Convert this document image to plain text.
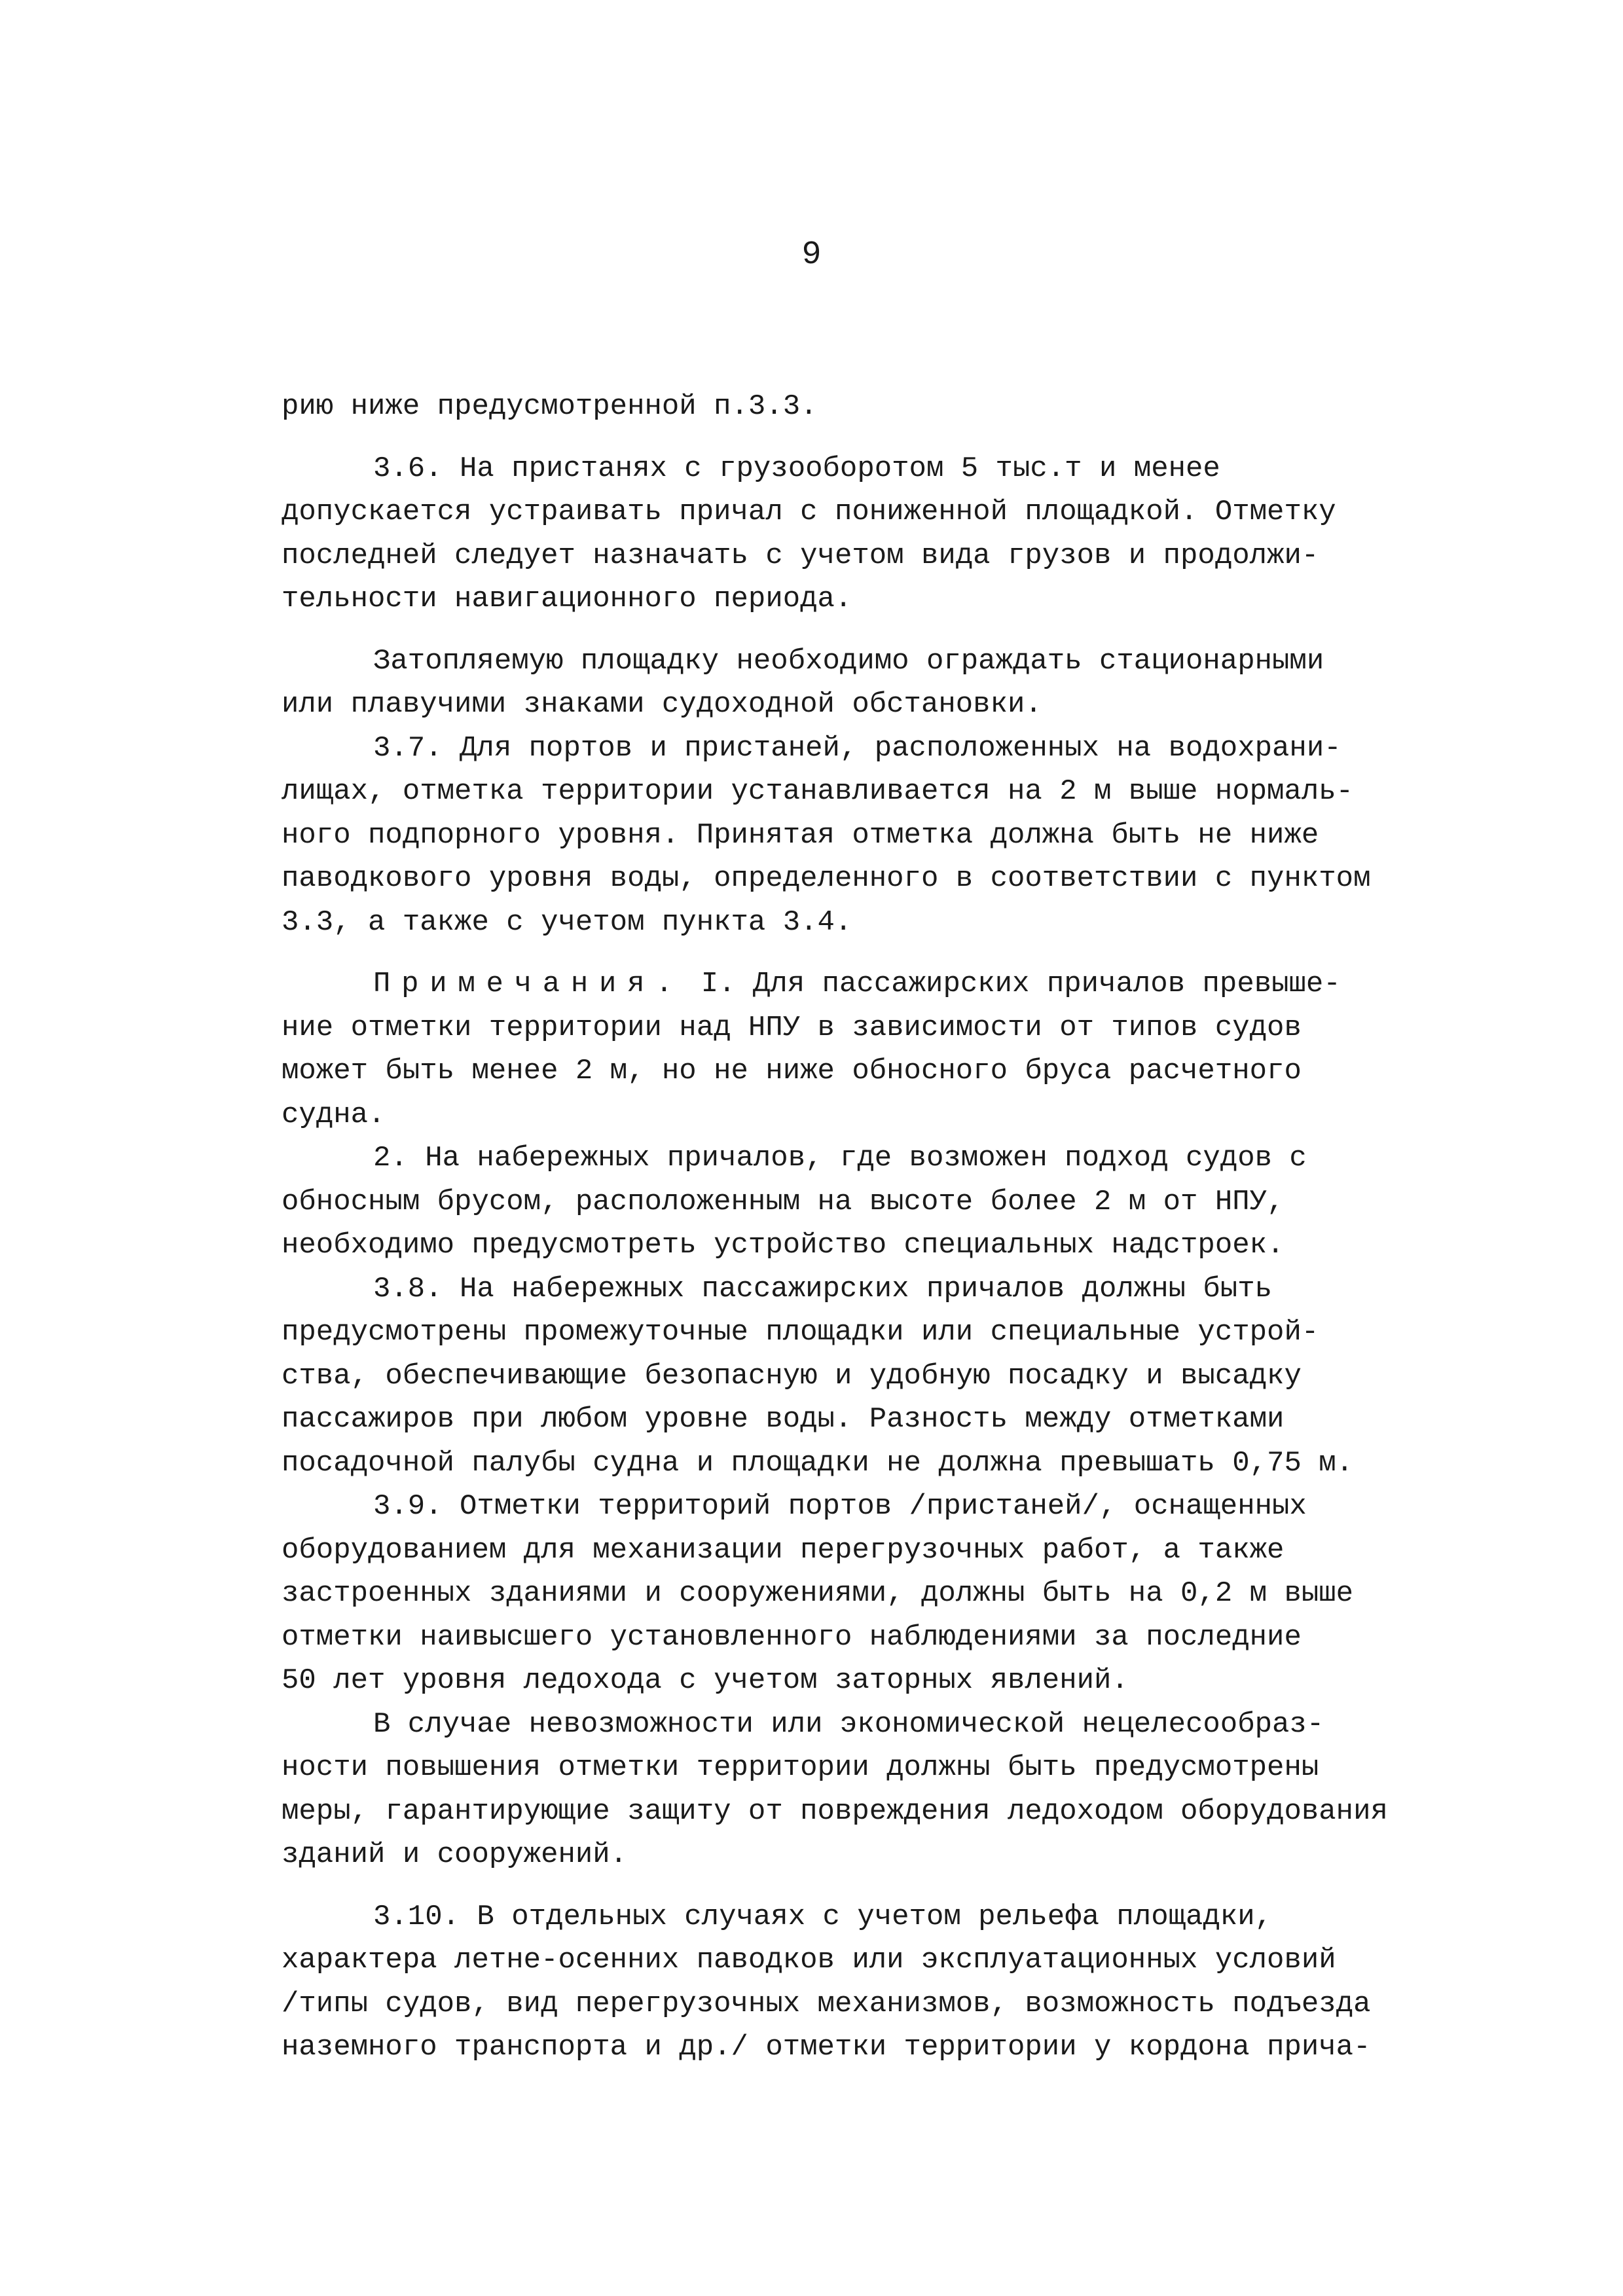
9
рию ниже предусмотренной п.3.3.
3.6. На пристанях с грузооборотом 5 тыс.т и менее
допускается устраивать причал с пониженной площадкой. Отметку
последней следует назначать с учетом вида грузов и продолжи-
тельности навигационного периода.
Затопляемую площадку необходимо ограждать стационарными
или плавучими знаками судоходной обстановки.
3.7. Для портов и пристаней, расположенных на водохрани-
лищах, отметка территории устанавливается на 2 м выше нормаль-
ного подпорного уровня. Принятая отметка должна быть не ниже
паводкового уровня воды, определенного в соответствии с пунктом
3.3, а также с учетом пункта 3.4.
Примечания. I. Для пассажирских причалов превыше-
ние отметки территории над НПУ в зависимости от типов судов
может быть менее 2 м, но не ниже обносного бруса расчетного
судна.
2. На набережных причалов, где возможен подход судов с
обносным брусом, расположенным на высоте более 2 м от НПУ,
необходимо предусмотреть устройство специальных надстроек.
3.8. На набережных пассажирских причалов должны быть
предусмотрены промежуточные площадки или специальные устрой-
ства, обеспечивающие безопасную и удобную посадку и высадку
пассажиров при любом уровне воды. Разность между отметками
посадочной палубы судна и площадки не должна превышать 0,75 м.
3.9. Отметки территорий портов /пристаней/, оснащенных
оборудованием для механизации перегрузочных работ, а также
застроенных зданиями и сооружениями, должны быть на 0,2 м выше
отметки наивысшего установленного наблюдениями за последние
50 лет уровня ледохода с учетом заторных явлений.
В случае невозможности или экономической нецелесообраз-
ности повышения отметки территории должны быть предусмотрены
меры, гарантирующие защиту от повреждения ледоходом оборудования
зданий и сооружений.
3.10. В отдельных случаях с учетом рельефа площадки,
характера летне-осенних паводков или эксплуатационных условий
/типы судов, вид перегрузочных механизмов, возможность подъезда
наземного транспорта и др./ отметки территории у кордона прича-
